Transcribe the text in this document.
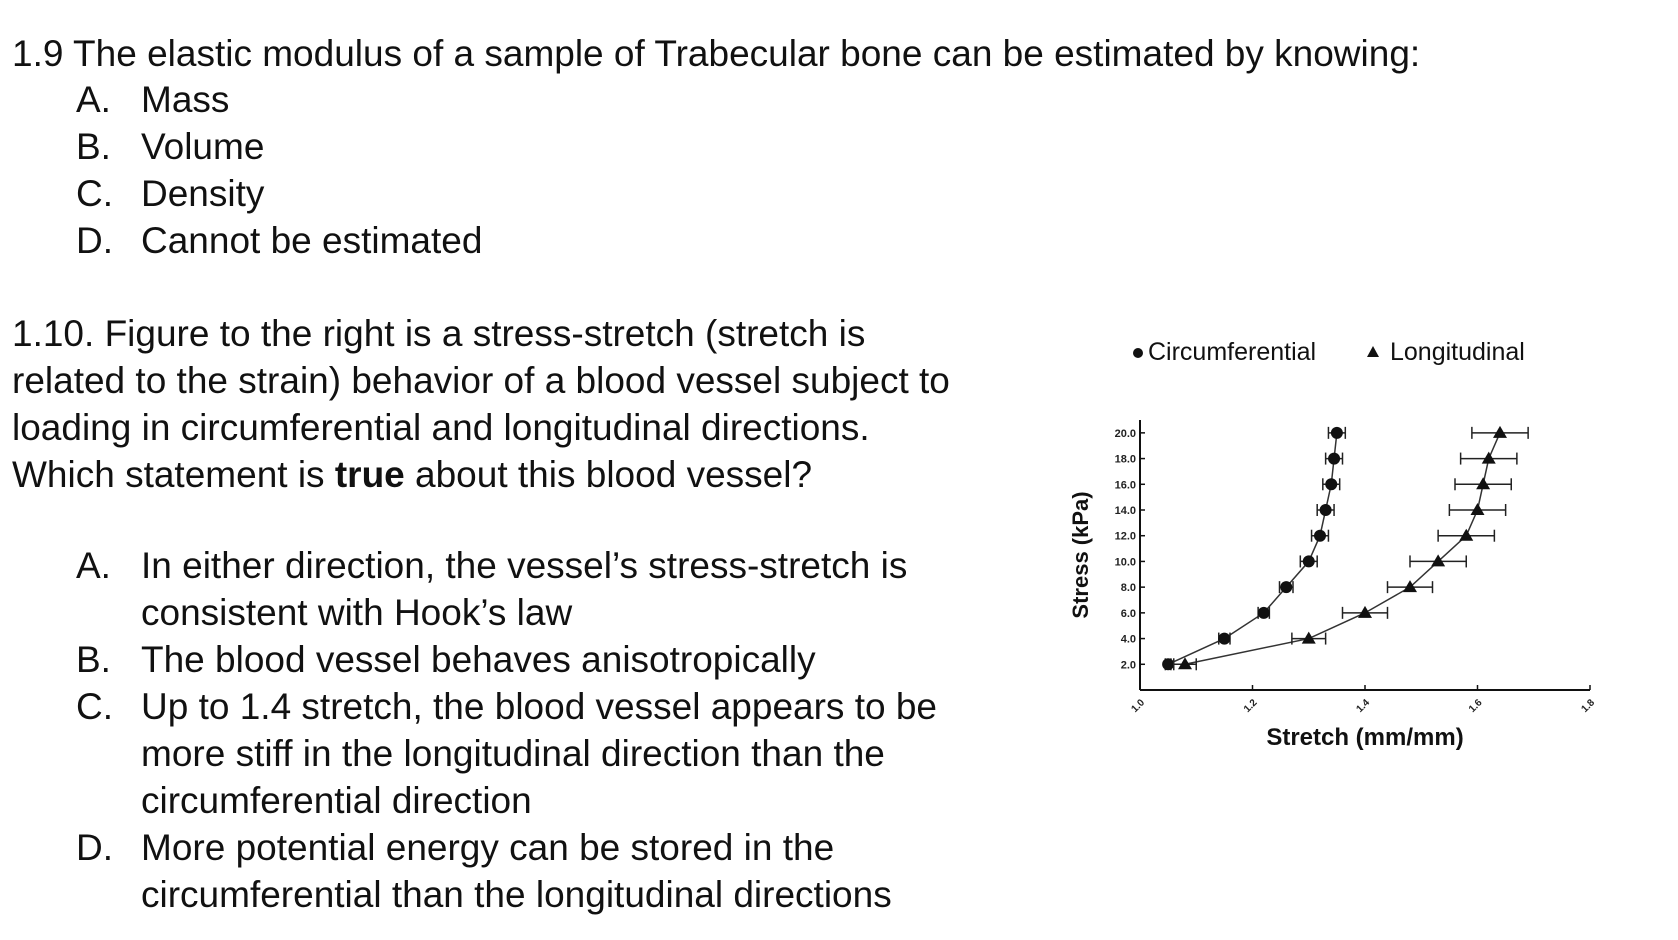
1.9 The elastic modulus of a sample of Trabecular bone can be estimated by knowing:
A. Mass
B. Volume
C. Density
D. Cannot be estimated
1.10. Figure to the right is a stress-stretch (stretch is
related to the strain) behavior of a blood vessel subject to
loading in circumferential and longitudinal directions.
Which statement is true about this blood vessel?
A. In either direction, the vessel’s stress-stretch is consistent with Hook’s law
B. The blood vessel behaves anisotropically
C. Up to 1.4 stretch, the blood vessel appears to be more stiff in the longitudinal direction than the circumferential direction
D. More potential energy can be stored in the circumferential than the longitudinal directions
Circumferential	Longitudinal
2.0
4.0
6.0
8.0
10.0
12.0
14.0
16.0
18.0
20.0
1.0	1.2	1.4	1.6	1.8
Stress (kPa)
Stretch (mm/mm)
